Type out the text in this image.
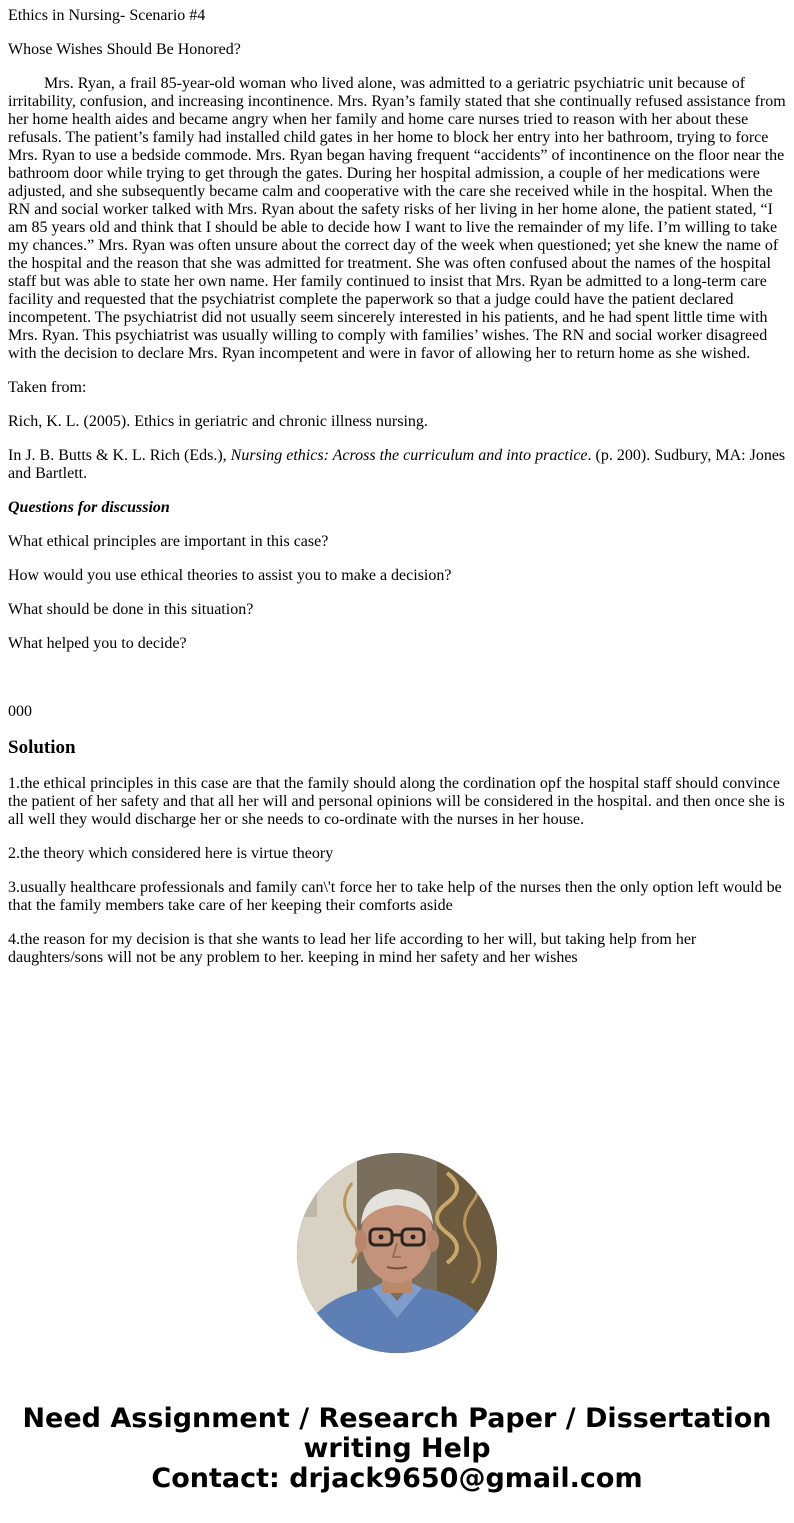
Ethics in Nursing- Scenario #4

Whose Wishes Should Be Honored?

Mrs. Ryan, a frail 85-year-old woman who lived alone, was admitted to a geriatric psychiatric unit because of irritability, confusion, and increasing incontinence. Mrs. Ryan’s family stated that she continually refused assistance from her home health aides and became angry when her family and home care nurses tried to reason with her about these refusals. The patient’s family had installed child gates in her home to block her entry into her bathroom, trying to force Mrs. Ryan to use a bedside commode. Mrs. Ryan began having frequent “accidents” of incontinence on the floor near the bathroom door while trying to get through the gates. During her hospital admission, a couple of her medications were adjusted, and she subsequently became calm and cooperative with the care she received while in the hospital. When the RN and social worker talked with Mrs. Ryan about the safety risks of her living in her home alone, the patient stated, “I am 85 years old and think that I should be able to decide how I want to live the remainder of my life. I’m willing to take my chances.” Mrs. Ryan was often unsure about the correct day of the week when questioned; yet she knew the name of the hospital and the reason that she was admitted for treatment. She was often confused about the names of the hospital staff but was able to state her own name. Her family continued to insist that Mrs. Ryan be admitted to a long-term care facility and requested that the psychiatrist complete the paperwork so that a judge could have the patient declared incompetent. The psychiatrist did not usually seem sincerely interested in his patients, and he had spent little time with Mrs. Ryan. This psychiatrist was usually willing to comply with families’ wishes. The RN and social worker disagreed with the decision to declare Mrs. Ryan incompetent and were in favor of allowing her to return home as she wished.

Taken from:

Rich, K. L. (2005). Ethics in geriatric and chronic illness nursing.

In J. B. Butts & K. L. Rich (Eds.), Nursing ethics: Across the curriculum and into practice. (p. 200). Sudbury, MA: Jones and Bartlett.

Questions for discussion

What ethical principles are important in this case?

How would you use ethical theories to assist you to make a decision?

What should be done in this situation?

What helped you to decide?

000

Solution

1.the ethical principles in this case are that the family should along the cordination opf the hospital staff should convince the patient of her safety and that all her will and personal opinions will be considered in the hospital. and then once she is all well they would discharge her or she needs to co-ordinate with the nurses in her house.

2.the theory which considered here is virtue theory

3.usually healthcare professionals and family can\'t force her to take help of the nurses then the only option left would be that the family members take care of her keeping their comforts aside

4.the reason for my decision is that she wants to lead her life according to her will, but taking help from her daughters/sons will not be any problem to her. keeping in mind her safety and her wishes

Need Assignment / Research Paper / Dissertation
writing Help
Contact: drjack9650@gmail.com
